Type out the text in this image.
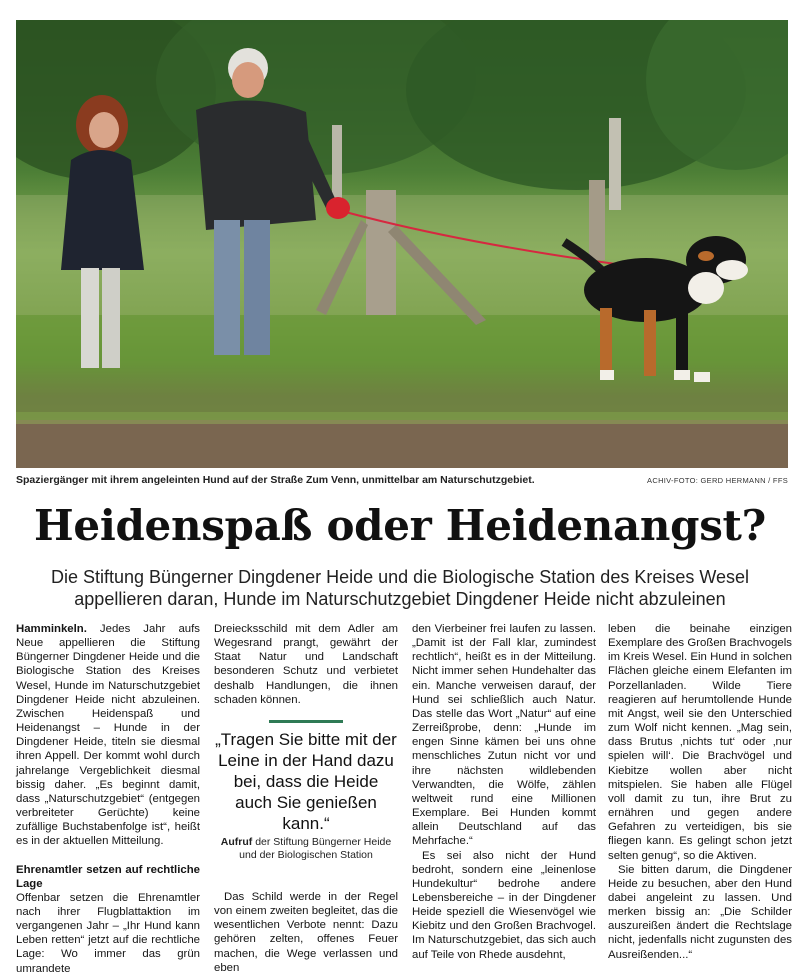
Spaziergänger mit ihrem angeleinten Hund auf der Straße Zum Venn, unmittelbar am Naturschutzgebiet.	ACHIV-FOTO: GERD HERMANN / FFS
Heidenspaß oder Heidenangst?
Die Stiftung Büngerner Dingdener Heide und die Biologische Station des Kreises Wesel appellieren daran, Hunde im Naturschutzgebiet Dingdener Heide nicht abzuleinen

Hamminkeln. Jedes Jahr aufs Neue appellieren die Stiftung Büngerner Dingdener Heide und die Biologische Station des Kreises Wesel, Hunde im Naturschutzgebiet Dingdener Heide nicht abzuleinen. Zwischen Heidenspaß und Heidenangst – Hunde in der Dingdener Heide, titeln sie diesmal ihren Appell. Der kommt wohl durch jahrelange Vergeblichkeit diesmal bissig daher. „Es beginnt damit, dass „Naturschutzgebiet“ (entgegen verbreiteter Gerüchte) keine zufällige Buchstabenfolge ist“, heißt es in der aktuellen Mitteilung.

Ehrenamtler setzen auf rechtliche Lage

Offenbar setzen die Ehrenamtler nach ihrer Flugblattaktion im vergangenen Jahr – „Ihr Hund kann Leben retten“ jetzt auf die rechtliche Lage: Wo immer das grün umrandete

Dreiecksschild mit dem Adler am Wegesrand prangt, gewährt der Staat Natur und Landschaft besonderen Schutz und verbietet deshalb Handlungen, die ihnen schaden können.

„Tragen Sie bitte mit der Leine in der Hand dazu bei, dass die Heide auch Sie genießen kann.“
Aufruf der Stiftung Büngerner Heide und der Biologischen Station

Das Schild werde in der Regel von einem zweiten begleitet, das die wesentlichen Verbote nennt: Dazu gehören zelten, offenes Feuer machen, die Wege verlassen und eben

den Vierbeiner frei laufen zu lassen. „Damit ist der Fall klar, zumindest rechtlich“, heißt es in der Mitteilung. Nicht immer sehen Hundehalter das ein. Manche verweisen darauf, der Hund sei schließlich auch Natur. Das stelle das Wort „Natur“ auf eine Zerreißprobe, denn: „Hunde im engen Sinne kämen bei uns ohne menschliches Zutun nicht vor und ihre nächsten wildlebenden Verwandten, die Wölfe, zählen weltweit rund eine Millionen Exemplare. Bei Hunden kommt allein Deutschland auf das Mehrfache.“

Es sei also nicht der Hund bedroht, sondern eine „leinenlose Hundekultur“ bedrohe andere Lebensbereiche – in der Dingdener Heide speziell die Wiesenvögel wie Kiebitz und den Großen Brachvogel. Im Naturschutzgebiet, das sich auch auf Teile von Rhede ausdehnt,

leben die beinahe einzigen Exemplare des Großen Brachvogels im Kreis Wesel. Ein Hund in solchen Flächen gleiche einem Elefanten im Porzellanladen. Wilde Tiere reagieren auf herumtollende Hunde mit Angst, weil sie den Unterschied zum Wolf nicht kennen. „Mag sein, dass Brutus ‚nichts tut‘ oder ‚nur spielen will‘. Die Brachvögel und Kiebitze wollen aber nicht mitspielen. Sie haben alle Flügel voll damit zu tun, ihre Brut zu ernähren und gegen andere Gefahren zu verteidigen, bis sie fliegen kann. Es gelingt schon jetzt selten genug“, so die Aktiven.

Sie bitten darum, die Dingdener Heide zu besuchen, aber den Hund dabei angeleint zu lassen. Und merken bissig an: „Die Schilder auszureißen ändert die Rechtslage nicht, jedenfalls nicht zugunsten des Ausreißenden...“
